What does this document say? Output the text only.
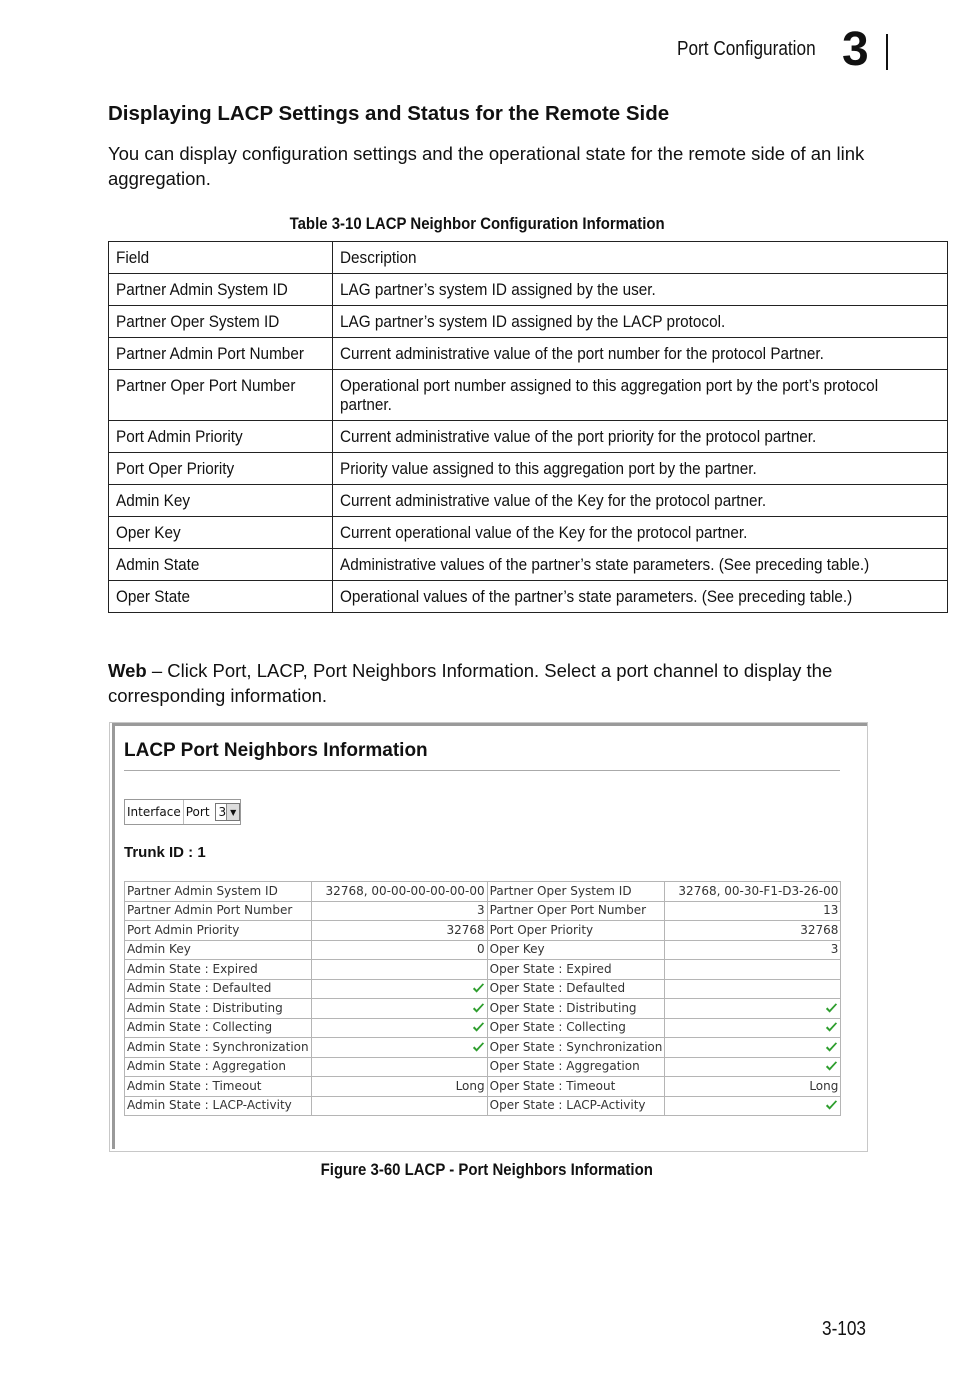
Port Configuration 3
Displaying LACP Settings and Status for the Remote Side

You can display configuration settings and the operational state for the remote side of an link aggregation.

Table 3-10 LACP Neighbor Configuration Information
Field	Description
Partner Admin System ID	LAG partner’s system ID assigned by the user.
Partner Oper System ID	LAG partner’s system ID assigned by the LACP protocol.
Partner Admin Port Number	Current administrative value of the port number for the protocol Partner.
Partner Oper Port Number	Operational port number assigned to this aggregation port by the port’s protocol partner.

Port Admin Priority	Current administrative value of the port priority for the protocol partner.
Port Oper Priority	Priority value assigned to this aggregation port by the partner.
Admin Key	Current administrative value of the Key for the protocol partner.
Oper Key	Current operational value of the Key for the protocol partner.
Admin State	Administrative values of the partner’s state parameters. (See preceding table.)
Oper State	Operational values of the partner’s state parameters. (See preceding table.)

Web – Click Port, LACP, Port Neighbors Information. Select a port channel to display the corresponding information.

LACP Port Neighbors Information
Interface Port 3 ▼
Trunk ID : 1
Partner Admin System ID	32768, 00-00-00-00-00-00	Partner Oper System ID	32768, 00-30-F1-D3-26-00
Partner Admin Port Number	3	Partner Oper Port Number	13
Port Admin Priority	32768	Port Oper Priority	32768
Admin Key	0	Oper Key	3
Admin State : Expired		Oper State : Expired	
Admin State : Defaulted		Oper State : Defaulted	
Admin State : Distributing		Oper State : Distributing	
Admin State : Collecting		Oper State : Collecting	
Admin State : Synchronization		Oper State : Synchronization	
Admin State : Aggregation		Oper State : Aggregation	
Admin State : Timeout	Long	Oper State : Timeout	Long
Admin State : LACP-Activity		Oper State : LACP-Activity	
Figure 3-60 LACP - Port Neighbors Information
3-103
